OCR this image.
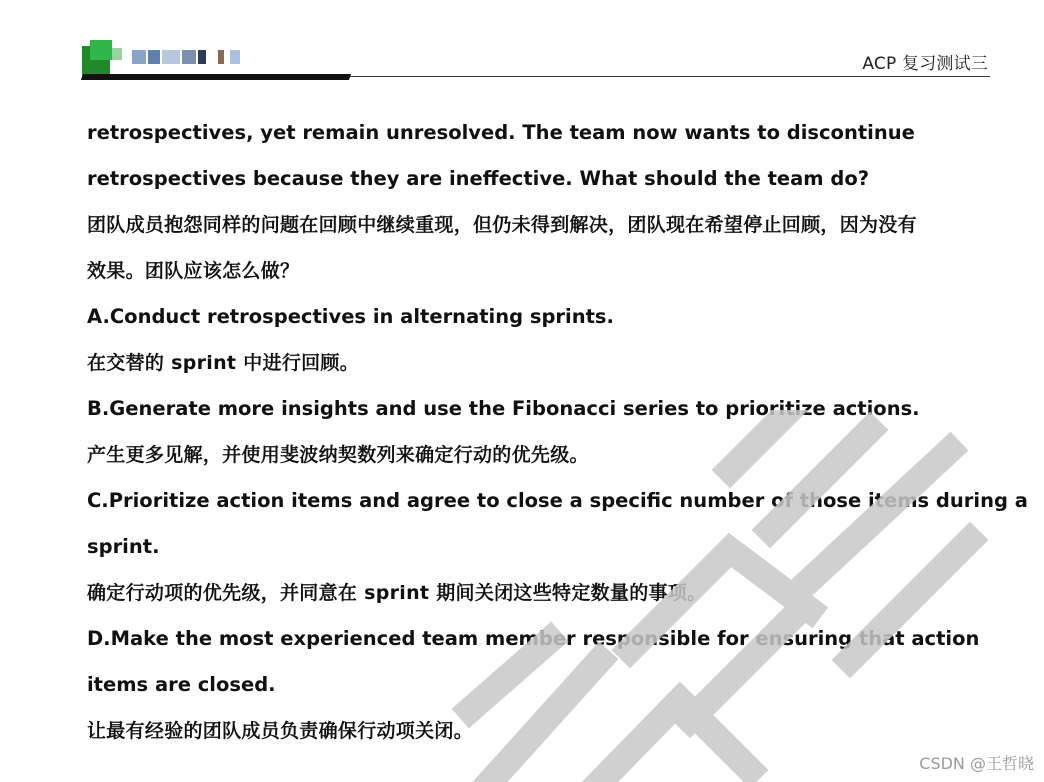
ACP 复习测试三
retrospectives, yet remain unresolved. The team now wants to discontinue
retrospectives because they are ineffective. What should the team do?
团队成员抱怨同样的问题在回顾中继续重现，但仍未得到解决，团队现在希望停止回顾，因为没有
效果。团队应该怎么做？
A.Conduct retrospectives in alternating sprints.
在交替的 sprint 中进行回顾。
B.Generate more insights and use the Fibonacci series to prioritize actions.
产生更多见解，并使用斐波纳契数列来确定行动的优先级。
C.Prioritize action items and agree to close a specific number of those items during a
sprint.
确定行动项的优先级，并同意在 sprint 期间关闭这些特定数量的事项。
D.Make the most experienced team member responsible for ensuring that action
items are closed.
让最有经验的团队成员负责确保行动项关闭。
CSDN @王哲晓
